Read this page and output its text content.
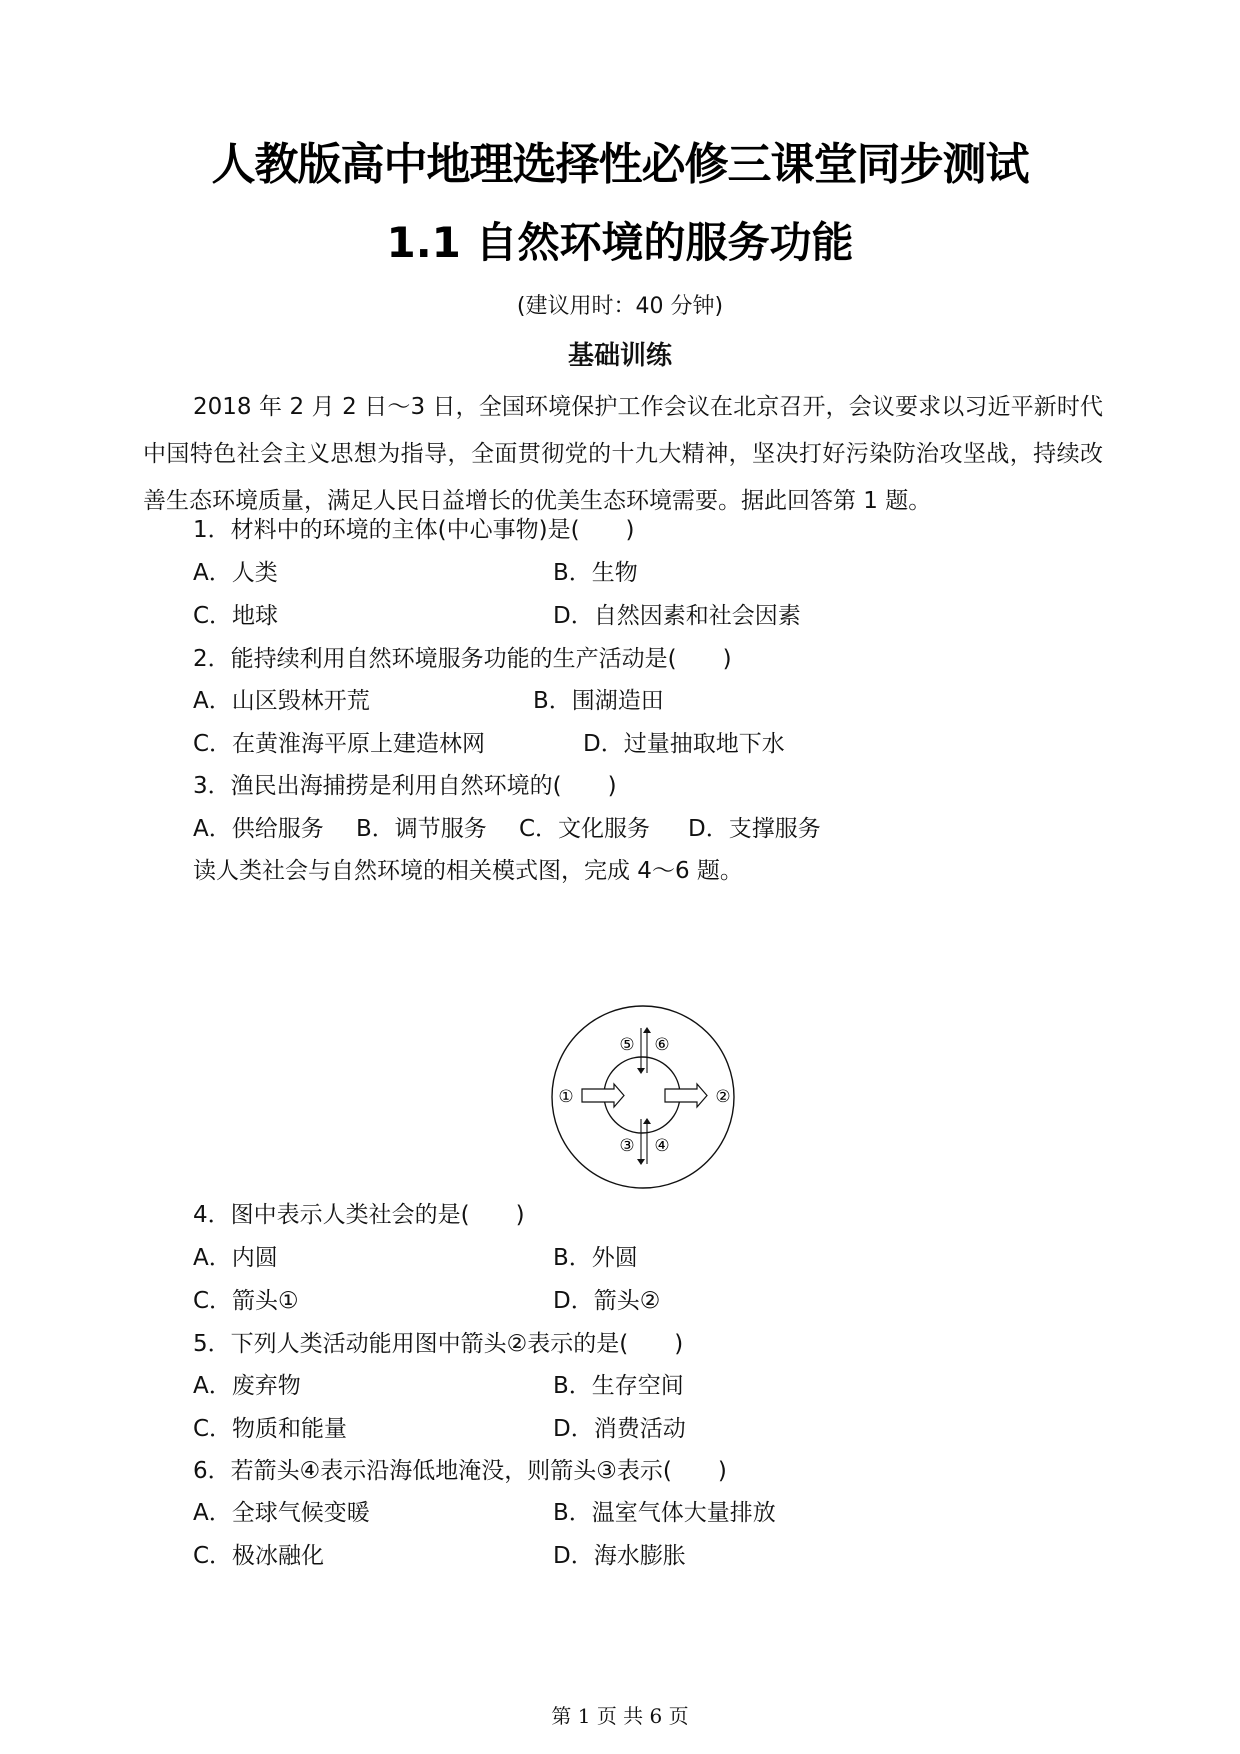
人教版高中地理选择性必修三课堂同步测试
1.1 自然环境的服务功能
(建议用时：40 分钟)
基础训练

2018 年 2 月 2 日～3 日，全国环境保护工作会议在北京召开，会议要求以习近平新时代中国特色社会主义思想为指导，全面贯彻党的十九大精神，坚决打好污染防治攻坚战，持续改善生态环境质量，满足人民日益增长的优美生态环境需要。据此回答第 1 题。

1．材料中的环境的主体(中心事物)是(　　)
A．人类	B．生物
C．地球	D．自然因素和社会因素
2．能持续利用自然环境服务功能的生产活动是(　　)
A．山区毁林开荒	B．围湖造田
C．在黄淮海平原上建造林网	D．过量抽取地下水
3．渔民出海捕捞是利用自然环境的(　　)
A．供给服务 B．调节服务 C．文化服务 D．支撑服务
读人类社会与自然环境的相关模式图，完成 4～6 题。
①	②
⑤ ⑥
③ ④
4．图中表示人类社会的是(　　)
A．内圆	B．外圆
C．箭头①	D．箭头②
5．下列人类活动能用图中箭头②表示的是(　　)
A．废弃物	B．生存空间
C．物质和能量	D．消费活动
6．若箭头④表示沿海低地淹没，则箭头③表示(　　)
A．全球气候变暖	B．温室气体大量排放
C．极冰融化	D．海水膨胀
第 1 页 共 6 页
